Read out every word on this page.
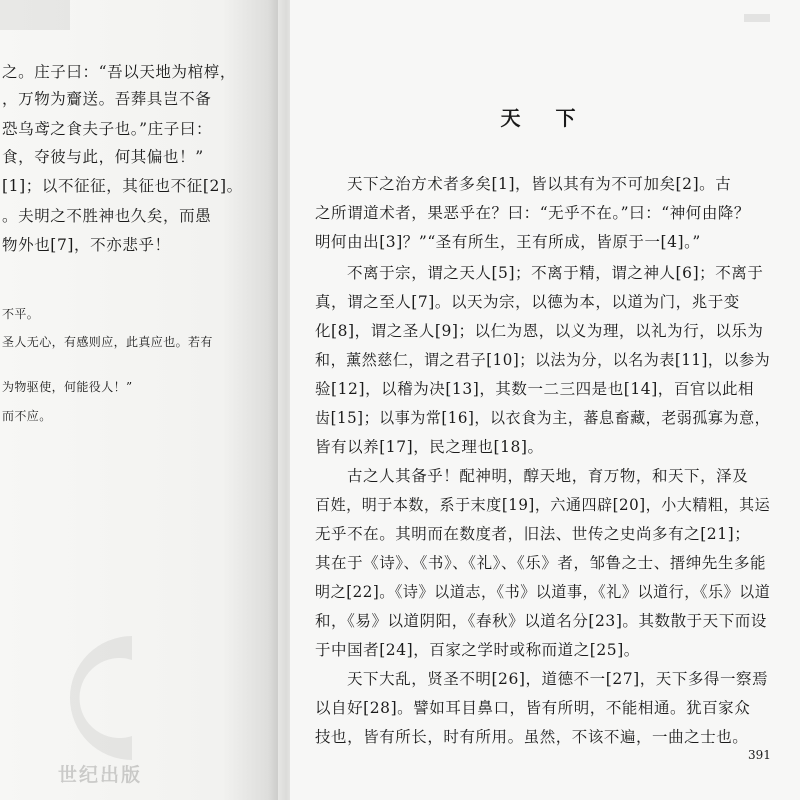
之。庄子曰：“吾以天地为棺椁，
，万物为齎送。吾葬具岂不备
恐乌鸢之食夫子也。”庄子曰：
食，夺彼与此，何其偏也！”
[1]；以不征征，其征也不征[2]。
。夫明之不胜神也久矣，而愚
物外也[7]，不亦悲乎！
不平。
圣人无心，有感则应，此真应也。若有
为物驱使，何能役人！”
而不应。
世纪出版
天 下
天下之治方术者多矣[1]，皆以其有为不可加矣[2]。古
之所谓道术者，果恶乎在？曰：“无乎不在。”曰：“神何由降？
明何由出[3]？”“圣有所生，王有所成，皆原于一[4]。”
不离于宗，谓之天人[5]；不离于精，谓之神人[6]；不离于
真，谓之至人[7]。以天为宗，以德为本，以道为门，兆于变
化[8]，谓之圣人[9]；以仁为恩，以义为理，以礼为行，以乐为
和，薰然慈仁，谓之君子[10]；以法为分，以名为表[11]，以参为
验[12]，以稽为决[13]，其数一二三四是也[14]，百官以此相
齿[15]；以事为常[16]，以衣食为主，蕃息畜藏，老弱孤寡为意，
皆有以养[17]，民之理也[18]。
古之人其备乎！配神明，醇天地，育万物，和天下，泽及
百姓，明于本数，系于末度[19]，六通四辟[20]，小大精粗，其运
无乎不在。其明而在数度者，旧法、世传之史尚多有之[21]；
其在于《诗》、《书》、《礼》、《乐》者，邹鲁之士、搢绅先生多能
明之[22]。《诗》以道志，《书》以道事，《礼》以道行，《乐》以道
和，《易》以道阴阳，《春秋》以道名分[23]。其数散于天下而设
于中国者[24]，百家之学时或称而道之[25]。
天下大乱，贤圣不明[26]，道德不一[27]，天下多得一察焉
以自好[28]。譬如耳目鼻口，皆有所明，不能相通。犹百家众
技也，皆有所长，时有所用。虽然，不该不遍，一曲之士也。
391
